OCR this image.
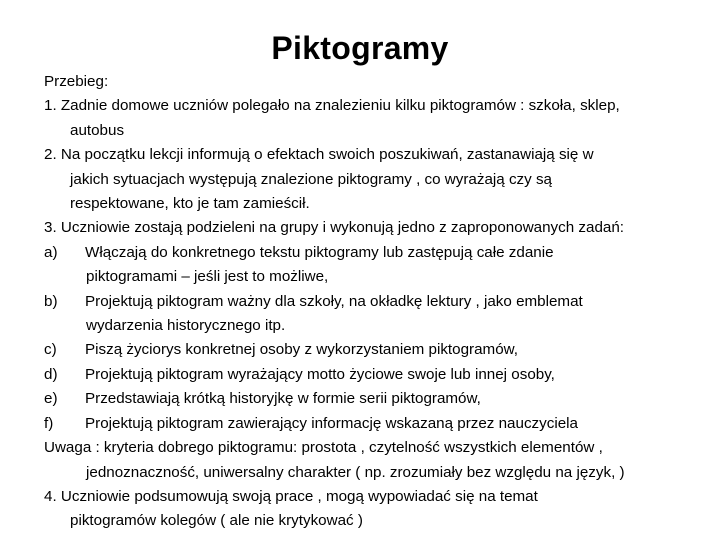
Piktogramy
Przebieg:
1. Zadnie domowe uczniów polegało na znalezieniu kilku piktogramów : szkoła, sklep,
autobus
2. Na początku lekcji informują o efektach swoich poszukiwań, zastanawiają się w
jakich sytuacjach występują znalezione piktogramy , co wyrażają czy są
respektowane, kto je tam zamieścił.
3. Uczniowie zostają podzieleni na grupy i wykonują jedno z zaproponowanych zadań:
a) Włączają do konkretnego tekstu piktogramy lub zastępują całe zdanie
piktogramami – jeśli jest to możliwe,
b) Projektują piktogram ważny dla szkoły, na okładkę lektury , jako emblemat
wydarzenia historycznego itp.
c) Piszą życiorys konkretnej osoby z wykorzystaniem piktogramów,
d) Projektują piktogram wyrażający motto życiowe swoje lub innej osoby,
e) Przedstawiają krótką historyjkę w formie serii piktogramów,
f) Projektują piktogram zawierający informację wskazaną przez nauczyciela
Uwaga : kryteria dobrego piktogramu: prostota , czytelność wszystkich elementów ,
jednoznaczność, uniwersalny charakter ( np. zrozumiały bez względu na język, )
4. Uczniowie podsumowują swoją prace , mogą wypowiadać się na temat
piktogramów kolegów ( ale nie krytykować )
